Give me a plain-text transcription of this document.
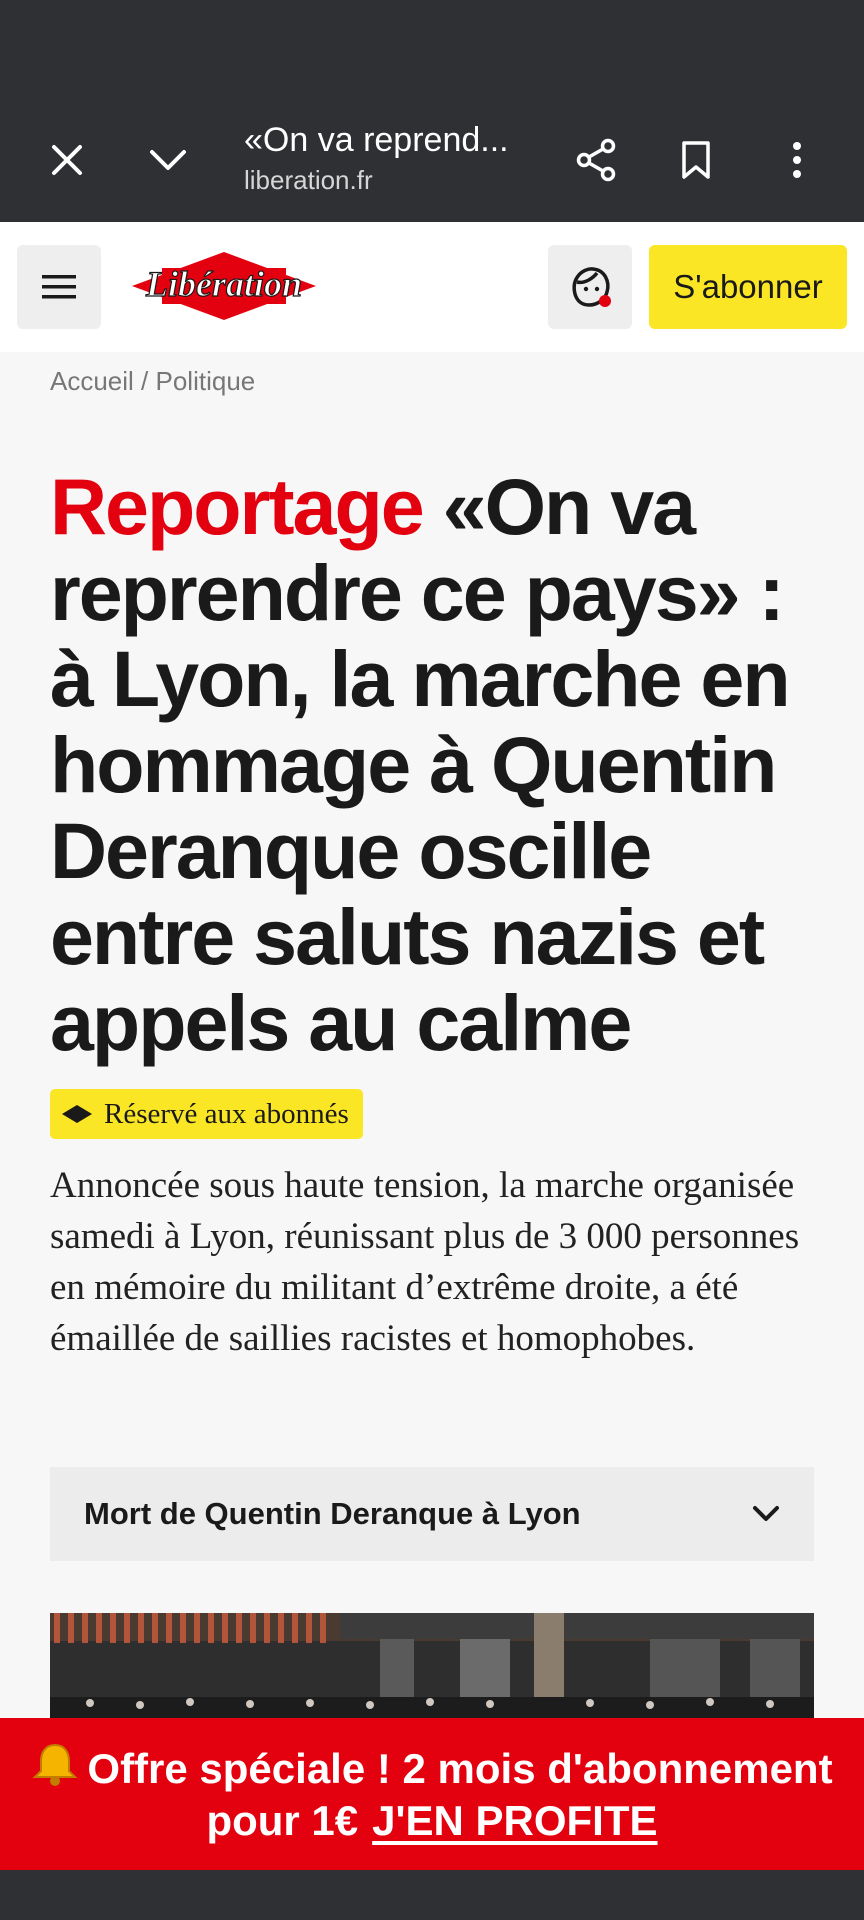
«On va reprend...
liberation.fr
Libération	S'abonner
Accueil / Politique
Reportage «On va reprendre ce pays» : à Lyon, la marche en hommage à Quentin Deranque oscille entre saluts nazis et appels au calme
Réservé aux abonnés

Annoncée sous haute tension, la marche organisée samedi à Lyon, réunissant plus de 3 000 personnes en mémoire du militant d’extrême droite, a été émaillée de saillies racistes et homophobes.

Mort de Quentin Deranque à Lyon
Offre spéciale ! 2 mois d'abonnement
pour 1€ J'EN PROFITE
